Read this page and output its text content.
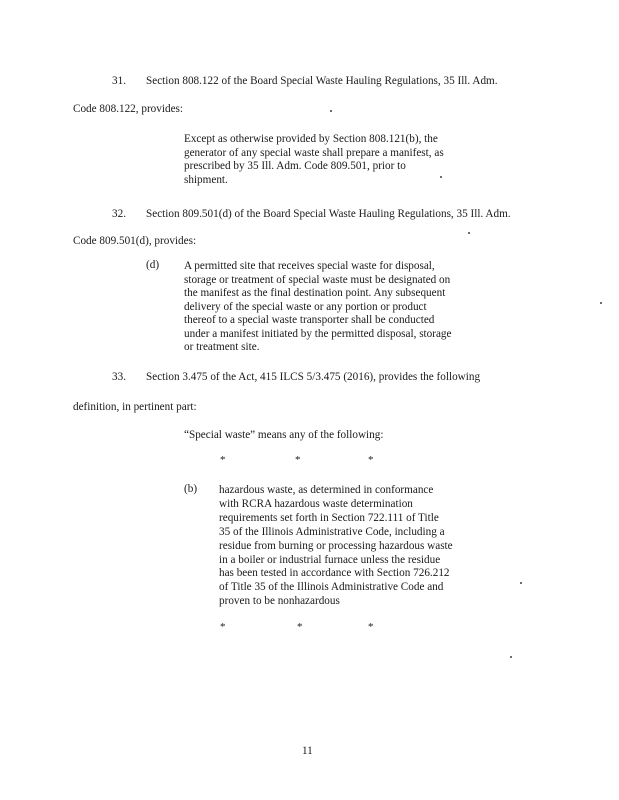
31. Section 808.122 of the Board Special Waste Hauling Regulations, 35 Ill. Adm.
Code 808.122, provides:
Except as otherwise provided by Section 808.121(b), the
generator of any special waste shall prepare a manifest, as
prescribed by 35 Ill. Adm. Code 809.501, prior to
shipment.
32. Section 809.501(d) of the Board Special Waste Hauling Regulations, 35 Ill. Adm.
Code 809.501(d), provides:
(d) A permitted site that receives special waste for disposal,
storage or treatment of special waste must be designated on
the manifest as the final destination point. Any subsequent
delivery of the special waste or any portion or product
thereof to a special waste transporter shall be conducted
under a manifest initiated by the permitted disposal, storage
or treatment site.
33. Section 3.475 of the Act, 415 ILCS 5/3.475 (2016), provides the following
definition, in pertinent part:
“Special waste” means any of the following:
*	*	*
(b) hazardous waste, as determined in conformance
with RCRA hazardous waste determination
requirements set forth in Section 722.111 of Title
35 of the Illinois Administrative Code, including a
residue from burning or processing hazardous waste
in a boiler or industrial furnace unless the residue
has been tested in accordance with Section 726.212
of Title 35 of the Illinois Administrative Code and
proven to be nonhazardous
*	*	*
11
